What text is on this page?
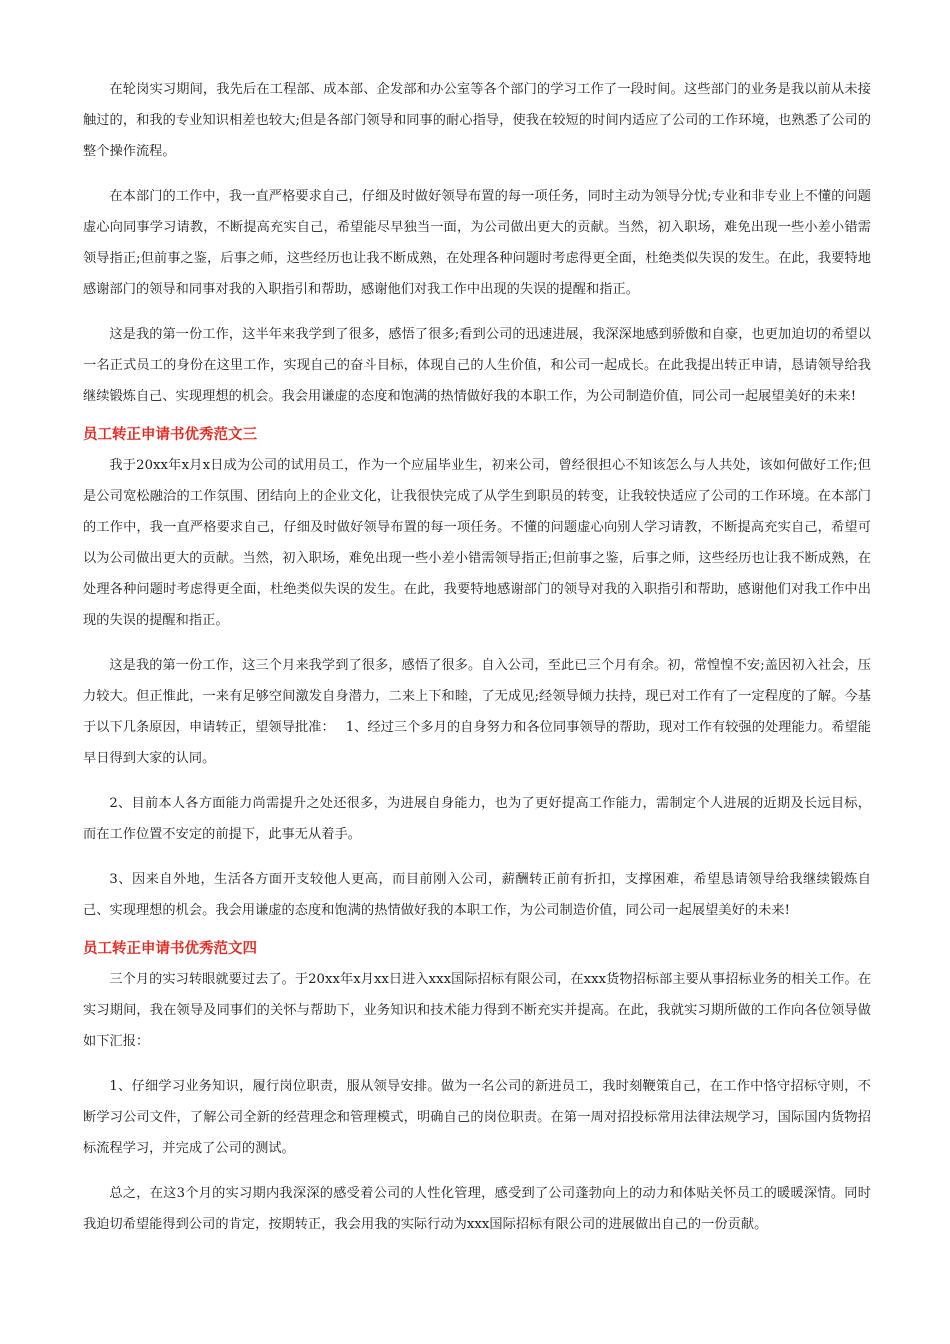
在轮岗实习期间，我先后在工程部、成本部、企发部和办公室等各个部门的学习工作了一段时间。这些部门的业务是我以前从未接触过的，和我的专业知识相差也较大;但是各部门领导和同事的耐心指导，使我在较短的时间内适应了公司的工作环境，也熟悉了公司的整个操作流程。

在本部门的工作中，我一直严格要求自己，仔细及时做好领导布置的每一项任务，同时主动为领导分忧;专业和非专业上不懂的问题虚心向同事学习请教，不断提高充实自己，希望能尽早独当一面，为公司做出更大的贡献。当然，初入职场，难免出现一些小差小错需领导指正;但前事之鉴，后事之师，这些经历也让我不断成熟，在处理各种问题时考虑得更全面，杜绝类似失误的发生。在此，我要特地感谢部门的领导和同事对我的入职指引和帮助，感谢他们对我工作中出现的失误的提醒和指正。

这是我的第一份工作，这半年来我学到了很多，感悟了很多;看到公司的迅速进展，我深深地感到骄傲和自豪，也更加迫切的希望以一名正式员工的身份在这里工作，实现自己的奋斗目标，体现自己的人生价值，和公司一起成长。在此我提出转正申请，恳请领导给我继续锻炼自己、实现理想的机会。我会用谦虚的态度和饱满的热情做好我的本职工作，为公司制造价值，同公司一起展望美好的未来!

员工转正申请书优秀范文三

我于20xx年x月x日成为公司的试用员工，作为一个应届毕业生，初来公司，曾经很担心不知该怎么与人共处，该如何做好工作;但是公司宽松融洽的工作氛围、团结向上的企业文化，让我很快完成了从学生到职员的转变，让我较快适应了公司的工作环境。在本部门的工作中，我一直严格要求自己，仔细及时做好领导布置的每一项任务。不懂的问题虚心向别人学习请教，不断提高充实自己，希望可以为公司做出更大的贡献。当然，初入职场，难免出现一些小差小错需领导指正;但前事之鉴，后事之师，这些经历也让我不断成熟，在处理各种问题时考虑得更全面，杜绝类似失误的发生。在此，我要特地感谢部门的领导对我的入职指引和帮助，感谢他们对我工作中出现的失误的提醒和指正。

这是我的第一份工作，这三个月来我学到了很多，感悟了很多。自入公司，至此已三个月有余。初，常惶惶不安;盖因初入社会，压力较大。但正惟此，一来有足够空间激发自身潜力，二来上下和睦，了无成见;经领导倾力扶持，现已对工作有了一定程度的了解。今基于以下几条原因，申请转正，望领导批准：　 1、经过三个多月的自身努力和各位同事领导的帮助，现对工作有较强的处理能力。希望能早日得到大家的认同。

2、目前本人各方面能力尚需提升之处还很多，为进展自身能力，也为了更好提高工作能力，需制定个人进展的近期及长远目标，而在工作位置不安定的前提下，此事无从着手。

3、因来自外地，生活各方面开支较他人更高，而目前刚入公司，薪酬转正前有折扣，支撑困难，希望恳请领导给我继续锻炼自己、实现理想的机会。我会用谦虚的态度和饱满的热情做好我的本职工作，为公司制造价值，同公司一起展望美好的未来!

员工转正申请书优秀范文四

三个月的实习转眼就要过去了。于20xx年x月xx日进入xxx国际招标有限公司，在xxx货物招标部主要从事招标业务的相关工作。在实习期间，我在领导及同事们的关怀与帮助下，业务知识和技术能力得到不断充实并提高。在此，我就实习期所做的工作向各位领导做如下汇报：

1、仔细学习业务知识，履行岗位职责，服从领导安排。做为一名公司的新进员工，我时刻鞭策自己，在工作中恪守招标守则，不断学习公司文件，了解公司全新的经营理念和管理模式，明确自己的岗位职责。在第一周对招投标常用法律法规学习，国际国内货物招标流程学习，并完成了公司的测试。

总之，在这3个月的实习期内我深深的感受着公司的人性化管理，感受到了公司蓬勃向上的动力和体贴关怀员工的暖暖深情。同时我迫切希望能得到公司的肯定，按期转正，我会用我的实际行动为xxx国际招标有限公司的进展做出自己的一份贡献。
